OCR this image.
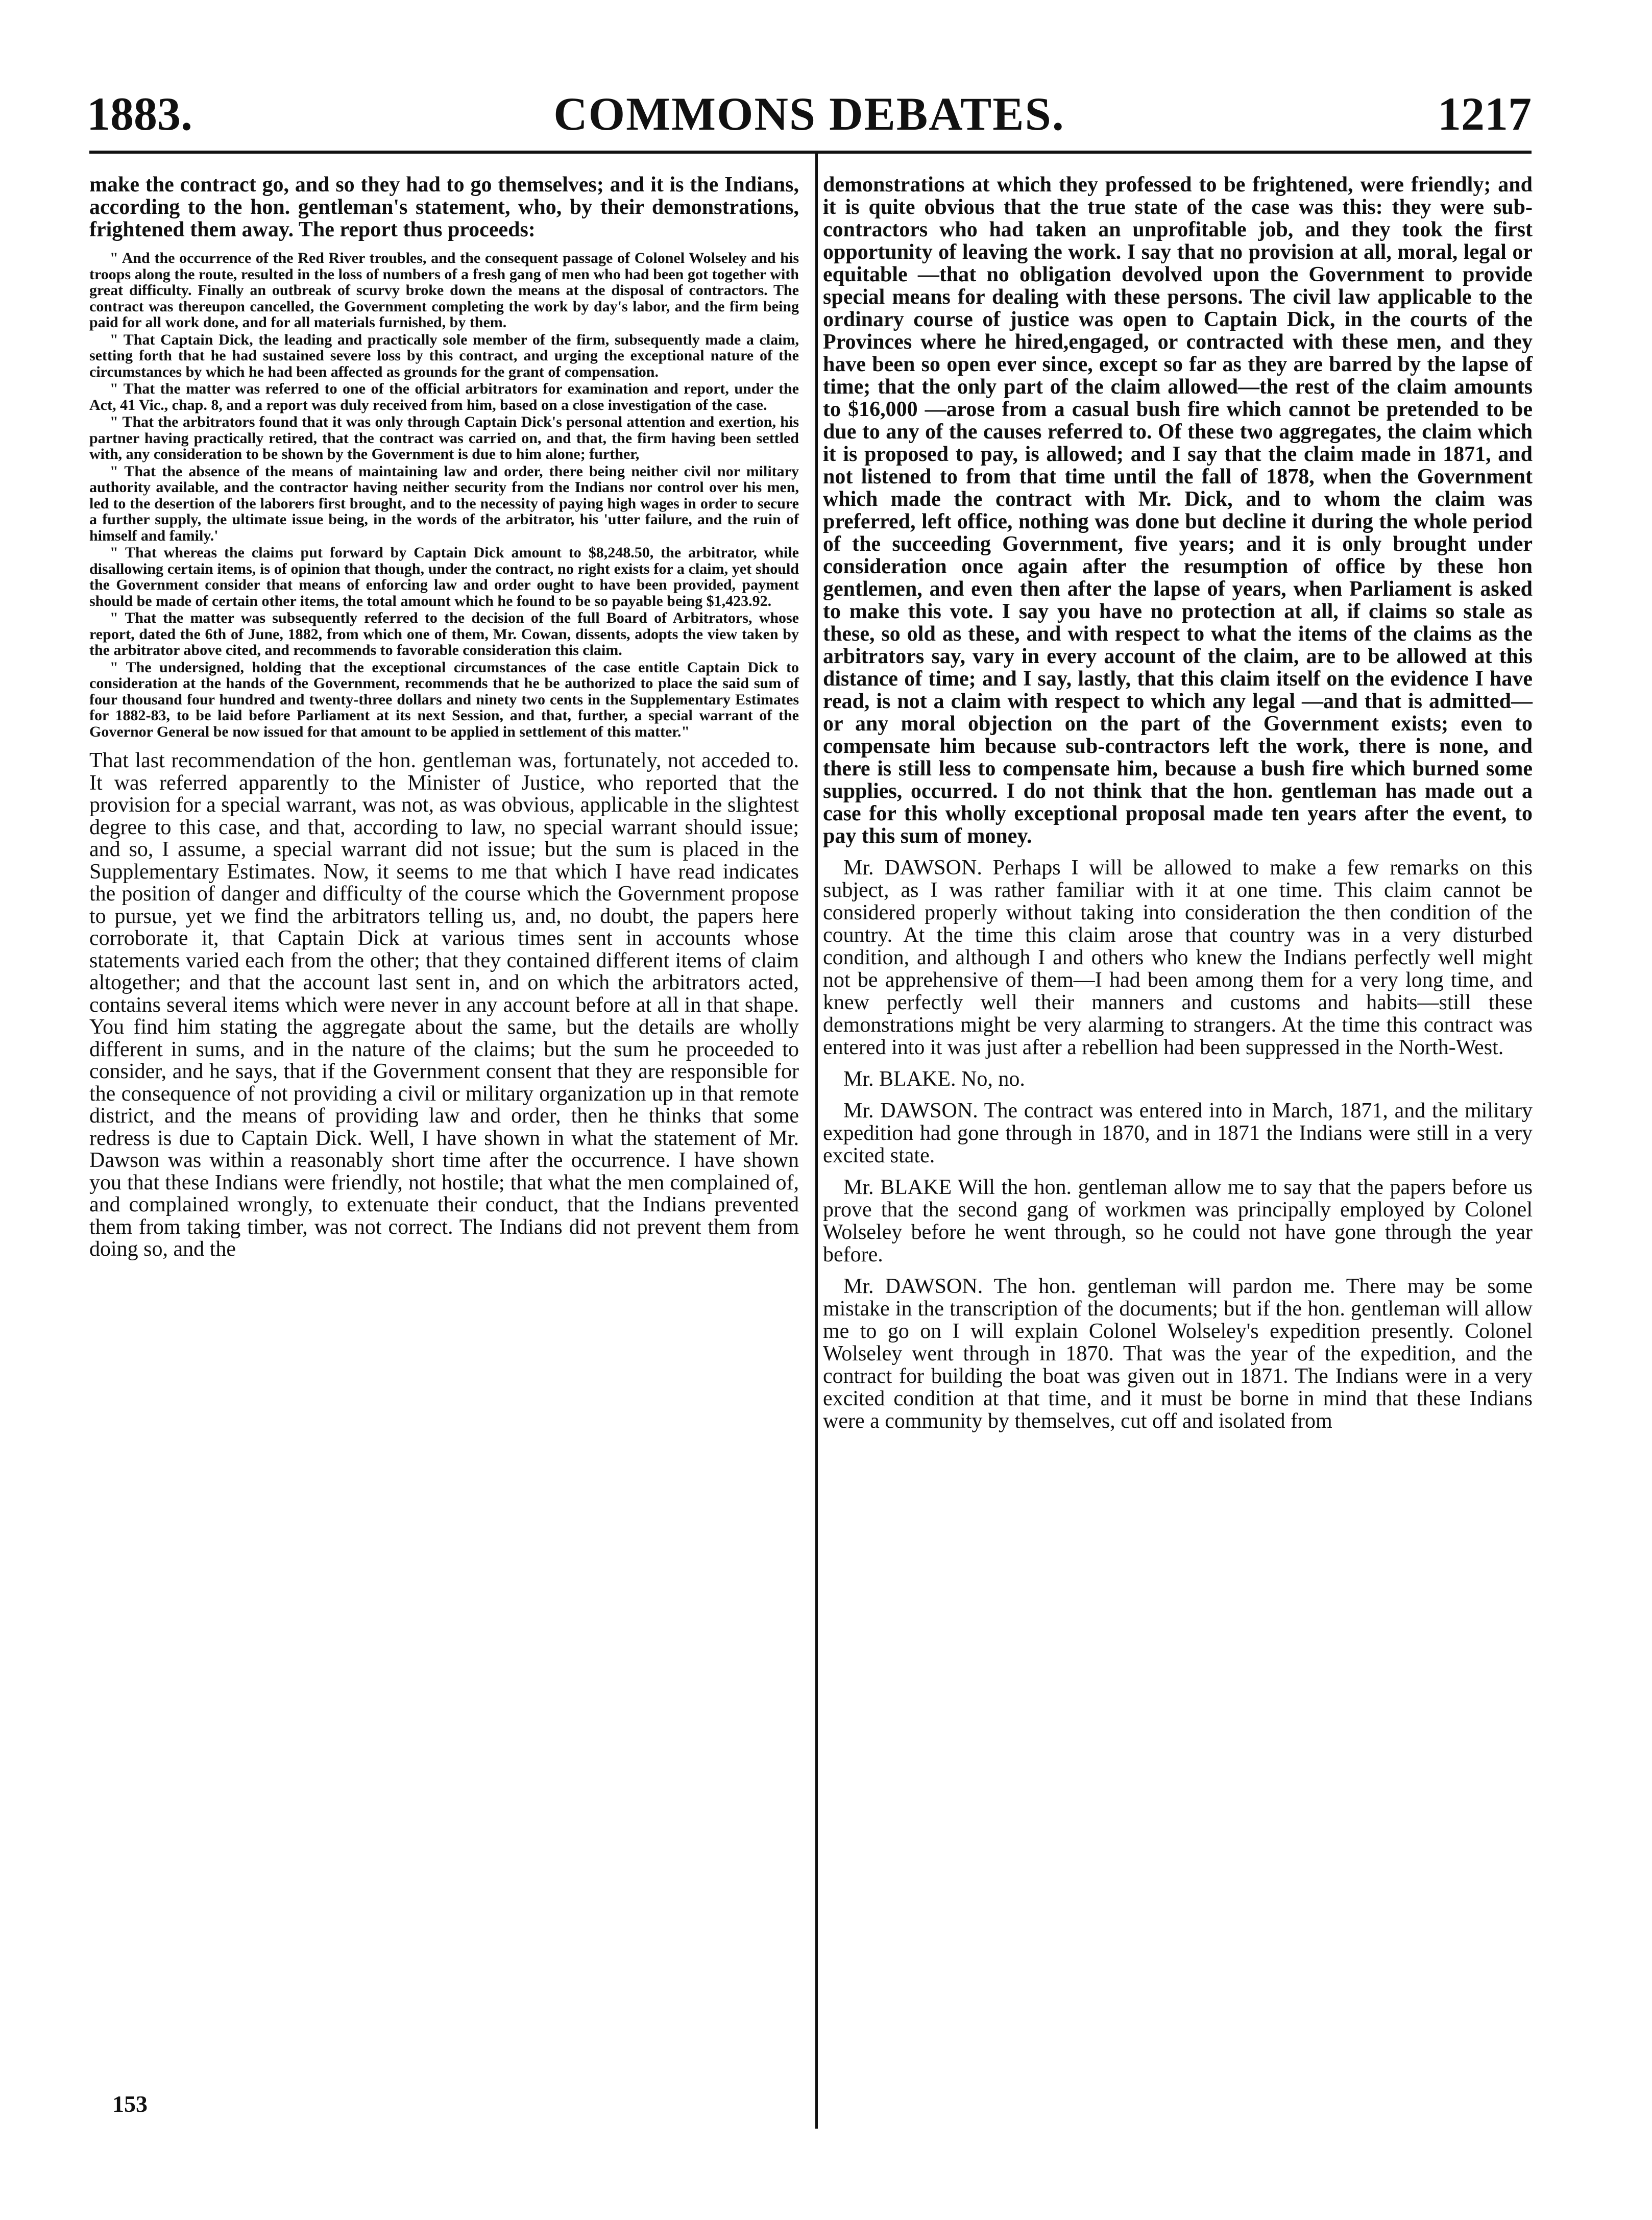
1883.	COMMONS DEBATES.	1217

make the contract go, and so they had to go themselves; and it is the Indians, according to the hon. gentleman's statement, who, by their demonstrations, frightened them away. The report thus proceeds:

" And the occurrence of the Red River troubles, and the consequent passage of Colonel Wolseley and his troops along the route, resulted in the loss of numbers of a fresh gang of men who had been got together with great difficulty. Finally an outbreak of scurvy broke down the means at the disposal of contractors. The contract was thereupon cancelled, the Government completing the work by day's labor, and the firm being paid for all work done, and for all materials furnished, by them.

" That Captain Dick, the leading and practically sole member of the firm, subsequently made a claim, setting forth that he had sustained severe loss by this contract, and urging the exceptional nature of the circumstances by which he had been affected as grounds for the grant of compensation.

" That the matter was referred to one of the official arbitrators for examination and report, under the Act, 41 Vic., chap. 8, and a report was duly received from him, based on a close investigation of the case.

" That the arbitrators found that it was only through Captain Dick's personal attention and exertion, his partner having practically retired, that the contract was carried on, and that, the firm having been settled with, any consideration to be shown by the Government is due to him alone; further,

" That the absence of the means of maintaining law and order, there being neither civil nor military authority available, and the contractor having neither security from the Indians nor control over his men, led to the desertion of the laborers first brought, and to the necessity of paying high wages in order to secure a further supply, the ultimate issue being, in the words of the arbitrator, his 'utter failure, and the ruin of himself and family.'

" That whereas the claims put forward by Captain Dick amount to $8,248.50, the arbitrator, while disallowing certain items, is of opinion that though, under the contract, no right exists for a claim, yet should the Government consider that means of enforcing law and order ought to have been provided, payment should be made of certain other items, the total amount which he found to be so payable being $1,423.92.

" That the matter was subsequently referred to the decision of the full Board of Arbitrators, whose report, dated the 6th of June, 1882, from which one of them, Mr. Cowan, dissents, adopts the view taken by the arbitrator above cited, and recommends to favorable consideration this claim.

" The undersigned, holding that the exceptional circumstances of the case entitle Captain Dick to consideration at the hands of the Government, recommends that he be authorized to place the said sum of four thousand four hundred and twenty-three dollars and ninety two cents in the Supplementary Estimates for 1882-83, to be laid before Parliament at its next Session, and that, further, a special warrant of the Governor General be now issued for that amount to be applied in settlement of this matter."

That last recommendation of the hon. gentleman was, fortunately, not acceded to. It was referred apparently to the Minister of Justice, who reported that the provision for a special warrant, was not, as was obvious, applicable in the slightest degree to this case, and that, according to law, no special warrant should issue; and so, I assume, a special warrant did not issue; but the sum is placed in the Supplementary Estimates. Now, it seems to me that which I have read indicates the position of danger and difficulty of the course which the Government propose to pursue, yet we find the arbitrators telling us, and, no doubt, the papers here corroborate it, that Captain Dick at various times sent in accounts whose statements varied each from the other; that they contained different items of claim altogether; and that the account last sent in, and on which the arbitrators acted, contains several items which were never in any account before at all in that shape. You find him stating the aggregate about the same, but the details are wholly different in sums, and in the nature of the claims; but the sum he proceeded to consider, and he says, that if the Government consent that they are responsible for the consequence of not providing a civil or military organization up in that remote district, and the means of providing law and order, then he thinks that some redress is due to Captain Dick. Well, I have shown in what the statement of Mr. Dawson was within a reasonably short time after the occurrence. I have shown you that these Indians were friendly, not hostile; that what the men complained of, and complained wrongly, to extenuate their conduct, that the Indians prevented them from taking timber, was not correct. The Indians did not prevent them from doing so, and the

demonstrations at which they professed to be frightened, were friendly; and it is quite obvious that the true state of the case was this: they were sub-contractors who had taken an unprofitable job, and they took the first opportunity of leaving the work. I say that no provision at all, moral, legal or equitable —that no obligation devolved upon the Government to provide special means for dealing with these persons. The civil law applicable to the ordinary course of justice was open to Captain Dick, in the courts of the Provinces where he hired,engaged, or contracted with these men, and they have been so open ever since, except so far as they are barred by the lapse of time; that the only part of the claim allowed—the rest of the claim amounts to $16,000 —arose from a casual bush fire which cannot be pretended to be due to any of the causes referred to. Of these two aggregates, the claim which it is proposed to pay, is allowed; and I say that the claim made in 1871, and not listened to from that time until the fall of 1878, when the Government which made the contract with Mr. Dick, and to whom the claim was preferred, left office, nothing was done but decline it during the whole period of the succeeding Government, five years; and it is only brought under consideration once again after the resumption of office by these hon gentlemen, and even then after the lapse of years, when Parliament is asked to make this vote. I say you have no protection at all, if claims so stale as these, so old as these, and with respect to what the items of the claims as the arbitrators say, vary in every account of the claim, are to be allowed at this distance of time; and I say, lastly, that this claim itself on the evidence I have read, is not a claim with respect to which any legal —and that is admitted—or any moral objection on the part of the Government exists; even to compensate him because sub-contractors left the work, there is none, and there is still less to compensate him, because a bush fire which burned some supplies, occurred. I do not think that the hon. gentleman has made out a case for this wholly exceptional proposal made ten years after the event, to pay this sum of money.

Mr. DAWSON. Perhaps I will be allowed to make a few remarks on this subject, as I was rather familiar with it at one time. This claim cannot be considered properly without taking into consideration the then condition of the country. At the time this claim arose that country was in a very disturbed condition, and although I and others who knew the Indians perfectly well might not be apprehensive of them—I had been among them for a very long time, and knew perfectly well their manners and customs and habits—still these demonstrations might be very alarming to strangers. At the time this contract was entered into it was just after a rebellion had been suppressed in the North-West.

Mr. BLAKE. No, no.

Mr. DAWSON. The contract was entered into in March, 1871, and the military expedition had gone through in 1870, and in 1871 the Indians were still in a very excited state.

Mr. BLAKE Will the hon. gentleman allow me to say that the papers before us prove that the second gang of workmen was principally employed by Colonel Wolseley before he went through, so he could not have gone through the year before.

Mr. DAWSON. The hon. gentleman will pardon me. There may be some mistake in the transcription of the documents; but if the hon. gentleman will allow me to go on I will explain Colonel Wolseley's expedition presently. Colonel Wolseley went through in 1870. That was the year of the expedition, and the contract for building the boat was given out in 1871. The Indians were in a very excited condition at that time, and it must be borne in mind that these Indians were a community by themselves, cut off and isolated from

153
